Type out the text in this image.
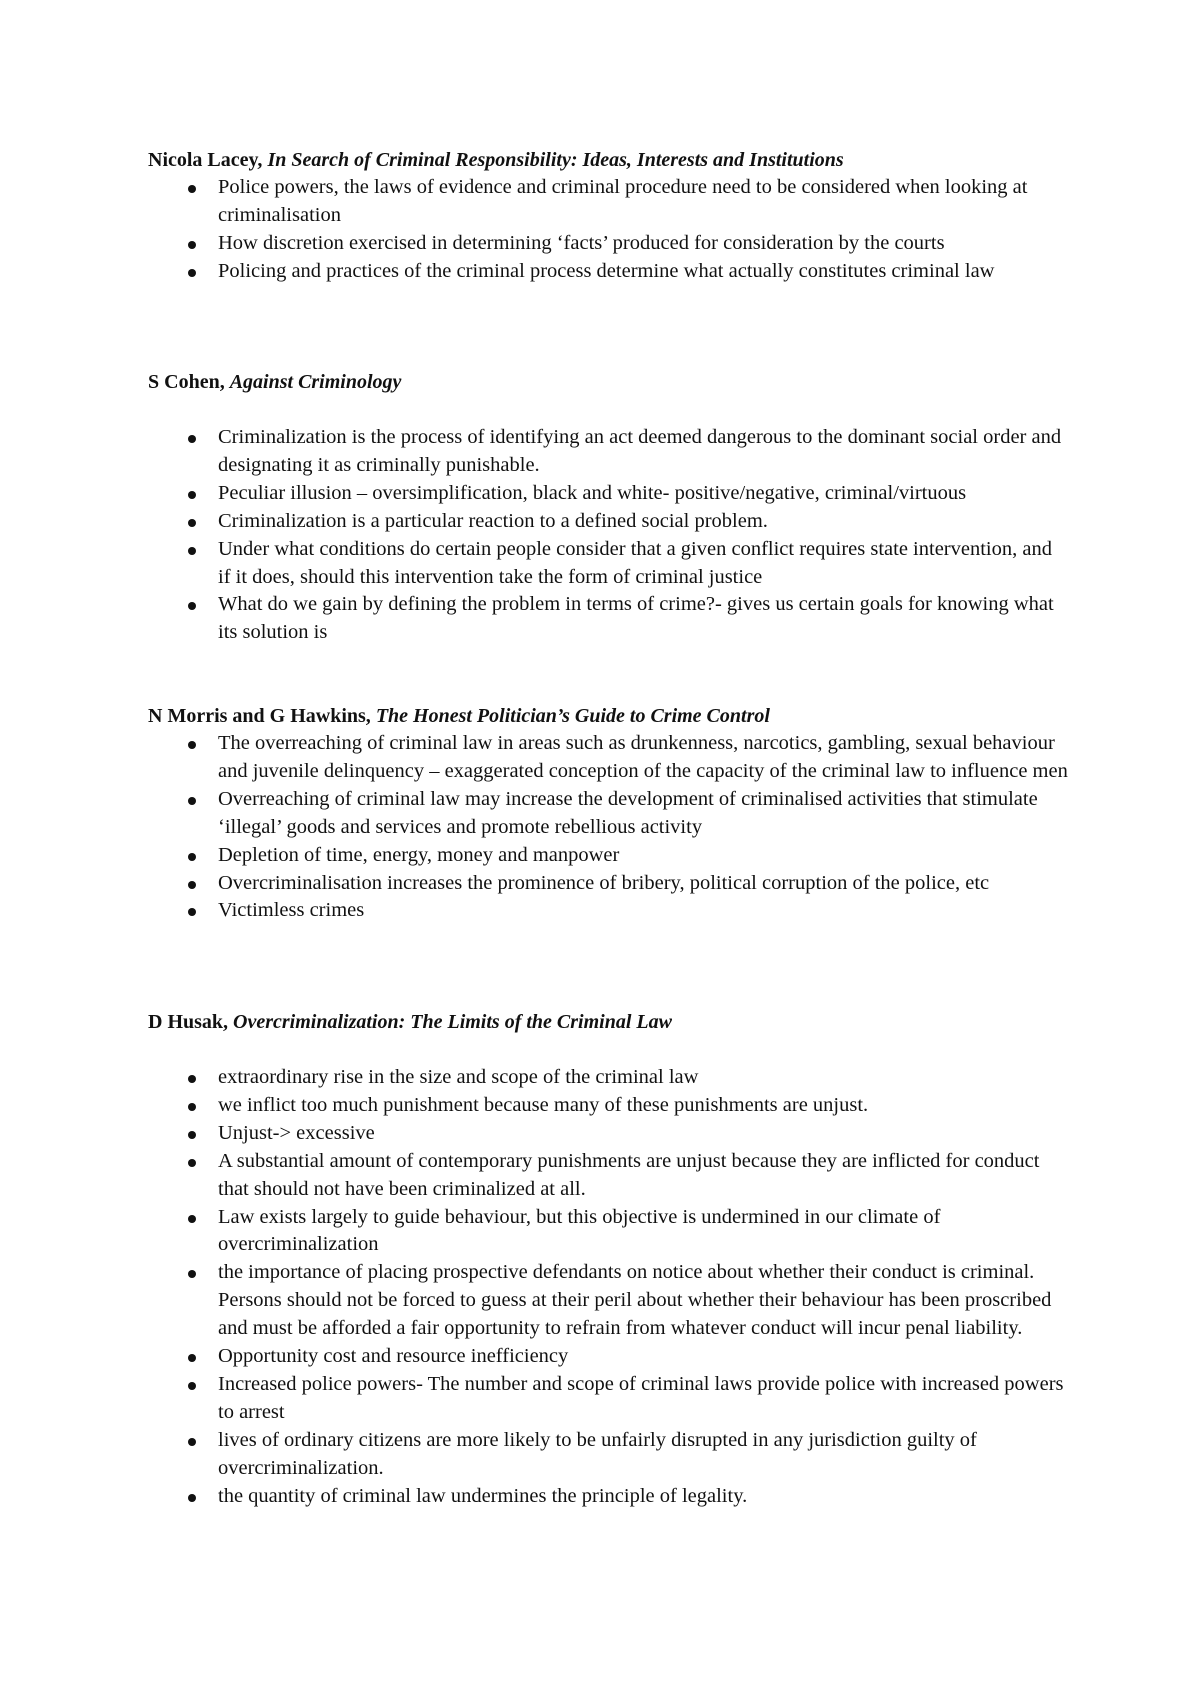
Nicola Lacey, In Search of Criminal Responsibility: Ideas, Interests and Institutions

Police powers, the laws of evidence and criminal procedure need to be considered when looking at criminalisation
How discretion exercised in determining ‘facts’ produced for consideration by the courts
Policing and practices of the criminal process determine what actually constitutes criminal law

S Cohen, Against Criminology

Criminalization is the process of identifying an act deemed dangerous to the dominant social order and designating it as criminally punishable.
Peculiar illusion – oversimplification, black and white- positive/negative, criminal/virtuous
Criminalization is a particular reaction to a defined social problem.
Under what conditions do certain people consider that a given conflict requires state intervention, and if it does, should this intervention take the form of criminal justice
What do we gain by defining the problem in terms of crime?- gives us certain goals for knowing what its solution is

N Morris and G Hawkins, The Honest Politician’s Guide to Crime Control

The overreaching of criminal law in areas such as drunkenness, narcotics, gambling, sexual behaviour and juvenile delinquency – exaggerated conception of the capacity of the criminal law to influence men
Overreaching of criminal law may increase the development of criminalised activities that stimulate ‘illegal’ goods and services and promote rebellious activity
Depletion of time, energy, money and manpower
Overcriminalisation increases the prominence of bribery, political corruption of the police, etc
Victimless crimes

D Husak, Overcriminalization: The Limits of the Criminal Law

extraordinary rise in the size and scope of the criminal law
we inflict too much punishment because many of these punishments are unjust.
Unjust-> excessive
A substantial amount of contemporary punishments are unjust because they are inflicted for conduct that should not have been criminalized at all.
Law exists largely to guide behaviour, but this objective is undermined in our climate of overcriminalization
the importance of placing prospective defendants on notice about whether their conduct is criminal. Persons should not be forced to guess at their peril about whether their behaviour has been proscribed and must be afforded a fair opportunity to refrain from whatever conduct will incur penal liability.
Opportunity cost and resource inefficiency
Increased police powers- The number and scope of criminal laws provide police with increased powers to arrest
lives of ordinary citizens are more likely to be unfairly disrupted in any jurisdiction guilty of overcriminalization.
the quantity of criminal law undermines the principle of legality.
